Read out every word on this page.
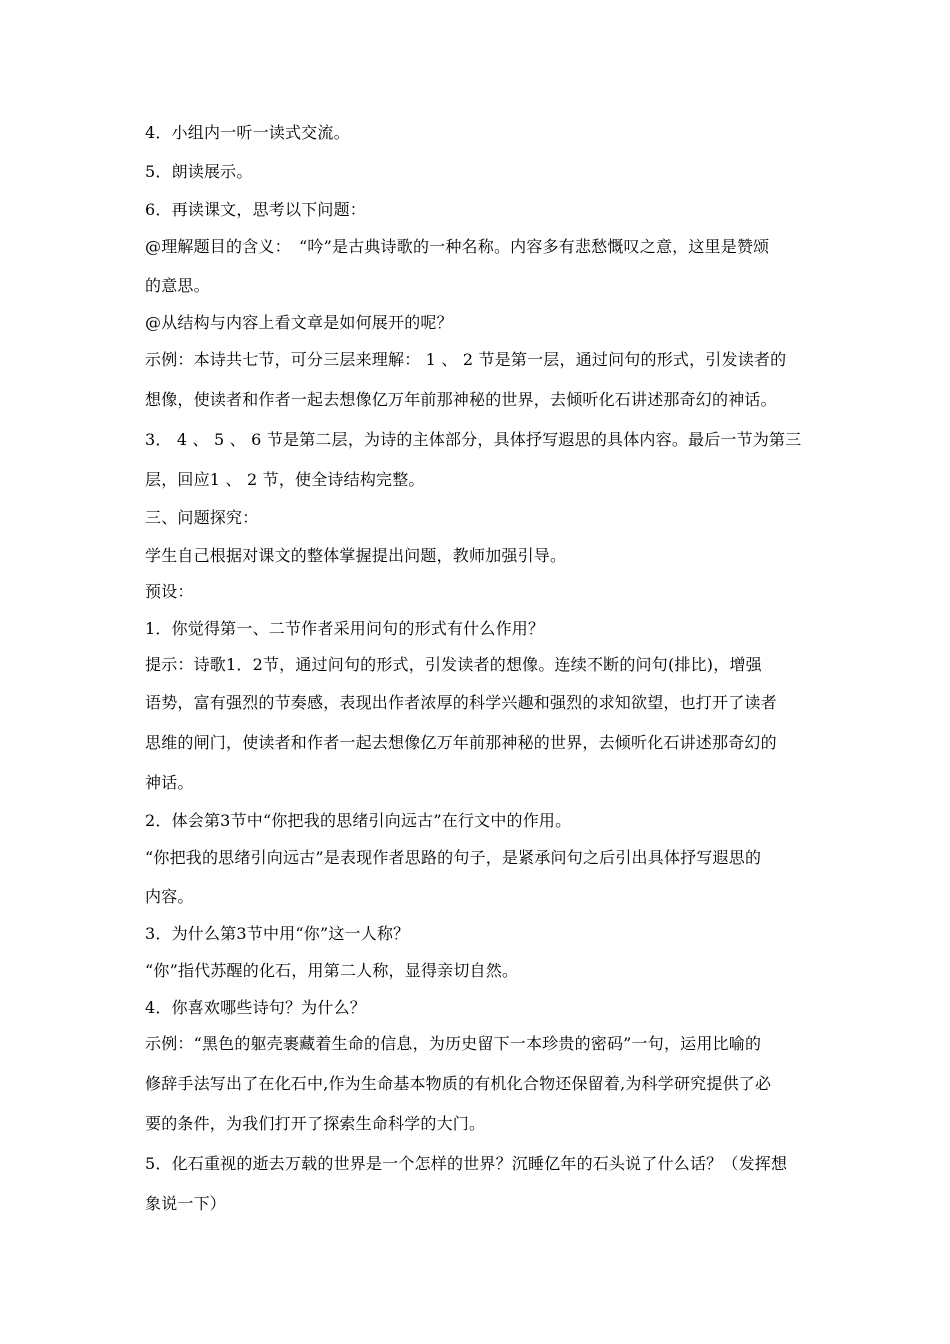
4．小组内一听一读式交流。
5．朗读展示。
6．再读课文，思考以下问题：
@理解题目的含义：　“吟”是古典诗歌的一种名称。内容多有悲愁慨叹之意，这里是赞颂
的意思。
@从结构与内容上看文章是如何展开的呢？
示例：本诗共七节，可分三层来理解： 1 、 2 节是第一层，通过问句的形式，引发读者的
想像，使读者和作者一起去想像亿万年前那神秘的世界，去倾听化石讲述那奇幻的神话。
3． 4 、 5 、 6 节是第二层，为诗的主体部分，具体抒写遐思的具体内容。最后一节为第三
层，回应1 、 2 节，使全诗结构完整。
三、问题探究：
学生自己根据对课文的整体掌握提出问题，教师加强引导。
预设：
1．你觉得第一、二节作者采用问句的形式有什么作用？
提示：诗歌1．2节，通过问句的形式，引发读者的想像。连续不断的问句(排比)，增强
语势，富有强烈的节奏感，表现出作者浓厚的科学兴趣和强烈的求知欲望，也打开了读者
思维的闸门，使读者和作者一起去想像亿万年前那神秘的世界，去倾听化石讲述那奇幻的
神话。
2．体会第3节中“你把我的思绪引向远古”在行文中的作用。
“你把我的思绪引向远古”是表现作者思路的句子，是紧承问句之后引出具体抒写遐思的
内容。
3．为什么第3节中用“你”这一人称？
“你”指代苏醒的化石，用第二人称，显得亲切自然。
4．你喜欢哪些诗句？为什么？
示例：“黑色的躯壳裹藏着生命的信息，为历史留下一本珍贵的密码”一句，运用比喻的
修辞手法写出了在化石中,作为生命基本物质的有机化合物还保留着,为科学研究提供了必
要的条件，为我们打开了探索生命科学的大门。
5．化石重视的逝去万载的世界是一个怎样的世界？沉睡亿年的石头说了什么话？（发挥想
象说一下）
